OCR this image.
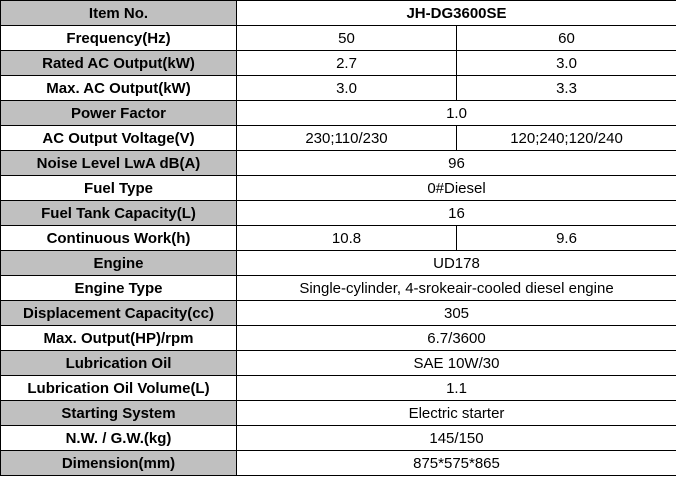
Item No.	JH-DG3600SE	
Frequency(Hz)	50	60
Rated AC Output(kW)	2.7	3.0
Max. AC Output(kW)	3.0	3.3
Power Factor	1.0	
AC Output Voltage(V)	230;110/230	120;240;120/240
Noise Level LwA dB(A)	96	
Fuel Type	0#Diesel	
Fuel Tank Capacity(L)	16	
Continuous Work(h)	10.8	9.6
Engine	UD178	
Engine Type	Single-cylinder, 4-srokeair-cooled diesel engine	
Displacement Capacity(cc)	305	
Max. Output(HP)/rpm	6.7/3600	
Lubrication Oil	SAE 10W/30	
Lubrication Oil Volume(L)	1.1	
Starting System	Electric starter	
N.W. / G.W.(kg)	145/150	
Dimension(mm)	875*575*865	
